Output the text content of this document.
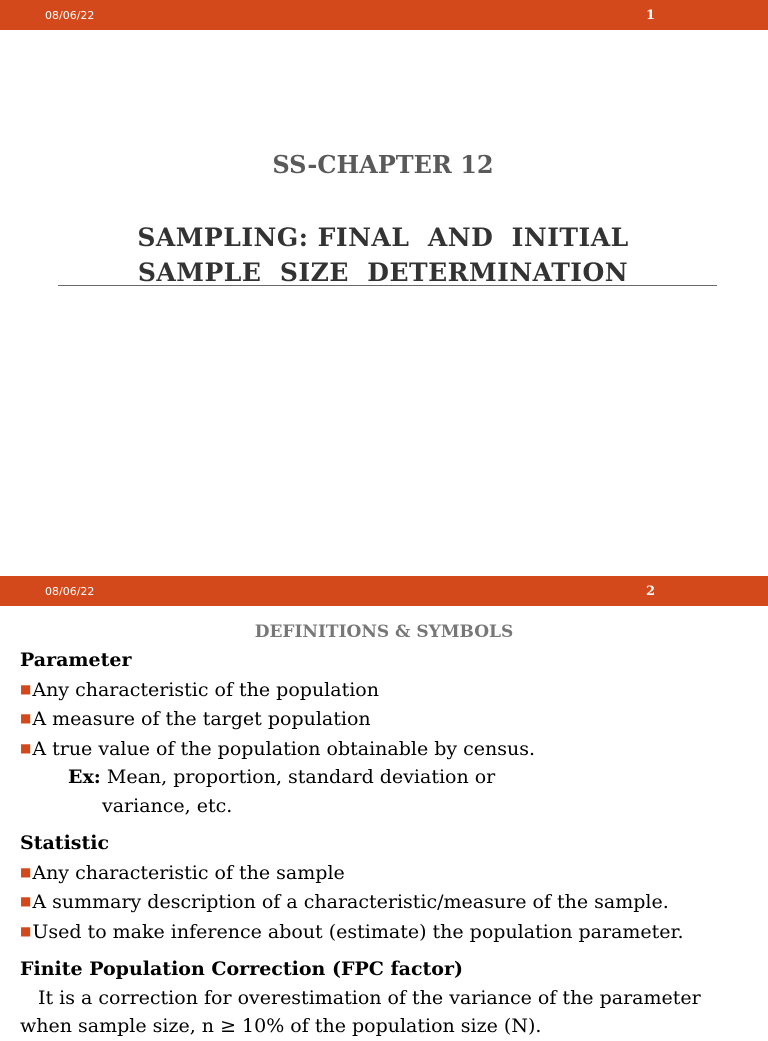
08/06/22	1
SS-CHAPTER 12
SAMPLING: FINAL  AND  INITIAL
SAMPLE  SIZE  DETERMINATION
08/06/22	2
DEFINITIONS & SYMBOLS
Parameter
■Any characteristic of the population
■A measure of the target population
■A true value of the population obtainable by census.
Ex: Mean, proportion, standard deviation or
variance, etc.
Statistic
■Any characteristic of the sample
■A summary description of a characteristic/measure of the sample.
■Used to make inference about (estimate) the population parameter.
Finite Population Correction (FPC factor)
It is a correction for overestimation of the variance of the parameter
when sample size, n ≥ 10% of the population size (N).
